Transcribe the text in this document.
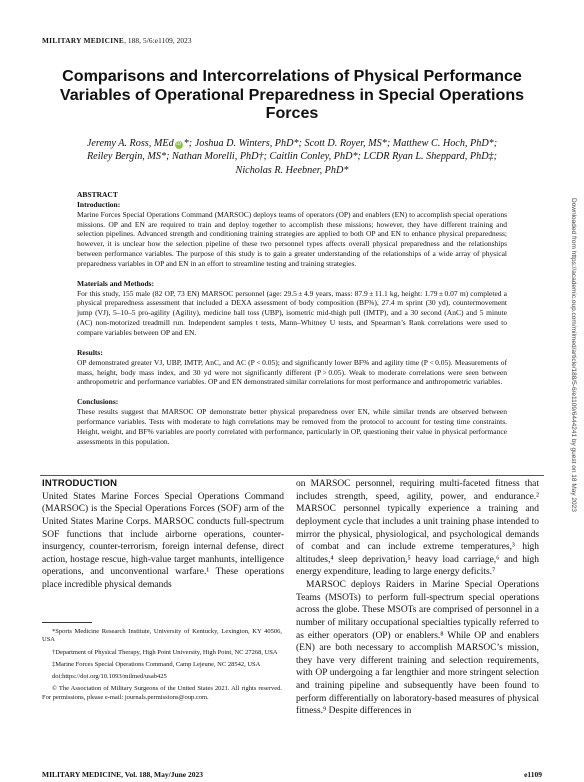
MILITARY MEDICINE, 188, 5/6:e1109, 2023
Comparisons and Intercorrelations of Physical Performance Variables of Operational Preparedness in Special Operations Forces
Jeremy A. Ross, MEd iD *; Joshua D. Winters, PhD*; Scott D. Royer, MS*; Matthew C. Hoch, PhD*;
Reiley Bergin, MS*; Nathan Morelli, PhD†; Caitlin Conley, PhD*; LCDR Ryan L. Sheppard, PhD‡;
Nicholas R. Heebner, PhD*
ABSTRACT
Introduction:
Marine Forces Special Operations Command (MARSOC) deploys teams of operators (OP) and enablers (EN) to accomplish special operations missions. OP and EN are required to train and deploy together to accomplish these missions; however, they have different training and selection pipelines. Advanced strength and conditioning training strategies are applied to both OP and EN to enhance physical preparedness; however, it is unclear how the selection pipeline of these two personnel types affects overall physical preparedness and the relationships between performance variables. The purpose of this study is to gain a greater understanding of the relationships of a wide array of physical preparedness variables in OP and EN in an effort to streamline testing and training strategies.
Materials and Methods:
For this study, 155 male (82 OP, 73 EN) MARSOC personnel (age: 29.5 ± 4.9 years, mass: 87.9 ± 11.1 kg, height: 1.79 ± 0.07 m) completed a physical preparedness assessment that included a DEXA assessment of body composition (BF%), 27.4 m sprint (30 yd), countermovement jump (VJ), 5–10–5 pro-agility (Agility), medicine ball toss (UBP), isometric mid-thigh pull (IMTP), and a 30 second (AnC) and 5 minute (AC) non-motorized treadmill run. Independent samples t tests, Mann–Whitney U tests, and Spearman’s Rank correlations were used to compare variables between OP and EN.
Results:
OP demonstrated greater VJ, UBP, IMTP, AnC, and AC (P < 0.05); and significantly lower BF% and agility time (P < 0.05). Measurements of mass, height, body mass index, and 30 yd were not significantly different (P > 0.05). Weak to moderate correlations were seen between anthropometric and performance variables. OP and EN demonstrated similar correlations for most performance and anthropometric variables.
Conclusions:
These results suggest that MARSOC OP demonstrate better physical preparedness over EN, while similar trends are observed between performance variables. Tests with moderate to high correlations may be removed from the protocol to account for testing time constraints. Height, weight, and BF% variables are poorly correlated with performance, particularly in OP, questioning their value in physical performance assessments in this population.
INTRODUCTION
United States Marine Forces Special Operations Command (MARSOC) is the Special Operations Forces (SOF) arm of the United States Marine Corps. MARSOC conducts full-spectrum SOF functions that include airborne operations, counter-insurgency, counter-terrorism, foreign internal defense, direct action, hostage rescue, high-value target manhunts, intelligence operations, and unconventional warfare.¹ These operations place incredible physical demands

*Sports Medicine Research Institute, University of Kentucky, Lexington, KY 40506, USA

†Department of Physical Therapy, High Point University, High Point, NC 27268, USA

‡Marine Forces Special Operations Command, Camp Lejeune, NC 28542, USA

doi:https://doi.org/10.1093/milmed/usab425

© The Association of Military Surgeons of the United States 2021. All rights reserved. For permissions, please e-mail: journals.permissions@oup.com.

on MARSOC personnel, requiring multi-faceted fitness that includes strength, speed, agility, power, and endurance.² MARSOC personnel typically experience a training and deployment cycle that includes a unit training phase intended to mirror the physical, physiological, and psychological demands of combat and can include extreme temperatures,³ high altitudes,⁴ sleep deprivation,⁵ heavy load carriage,⁶ and high energy expenditure, leading to large energy deficits.⁷
MARSOC deploys Raiders in Marine Special Operations Teams (MSOTs) to perform full-spectrum special operations across the globe. These MSOTs are comprised of personnel in a number of military occupational specialties typically referred to as either operators (OP) or enablers.⁸ While OP and enablers (EN) are both necessary to accomplish MARSOC’s mission, they have very different training and selection requirements, with OP undergoing a far lengthier and more stringent selection and training pipeline and subsequently have been found to perform differentially on laboratory-based measures of physical fitness.⁹ Despite differences in
MILITARY MEDICINE, Vol. 188, May/June 2023	e1109
Downloaded from https://academic.oup.com/milmed/article/188/5-6/e1109/6444241 by guest on 18 May 2023
